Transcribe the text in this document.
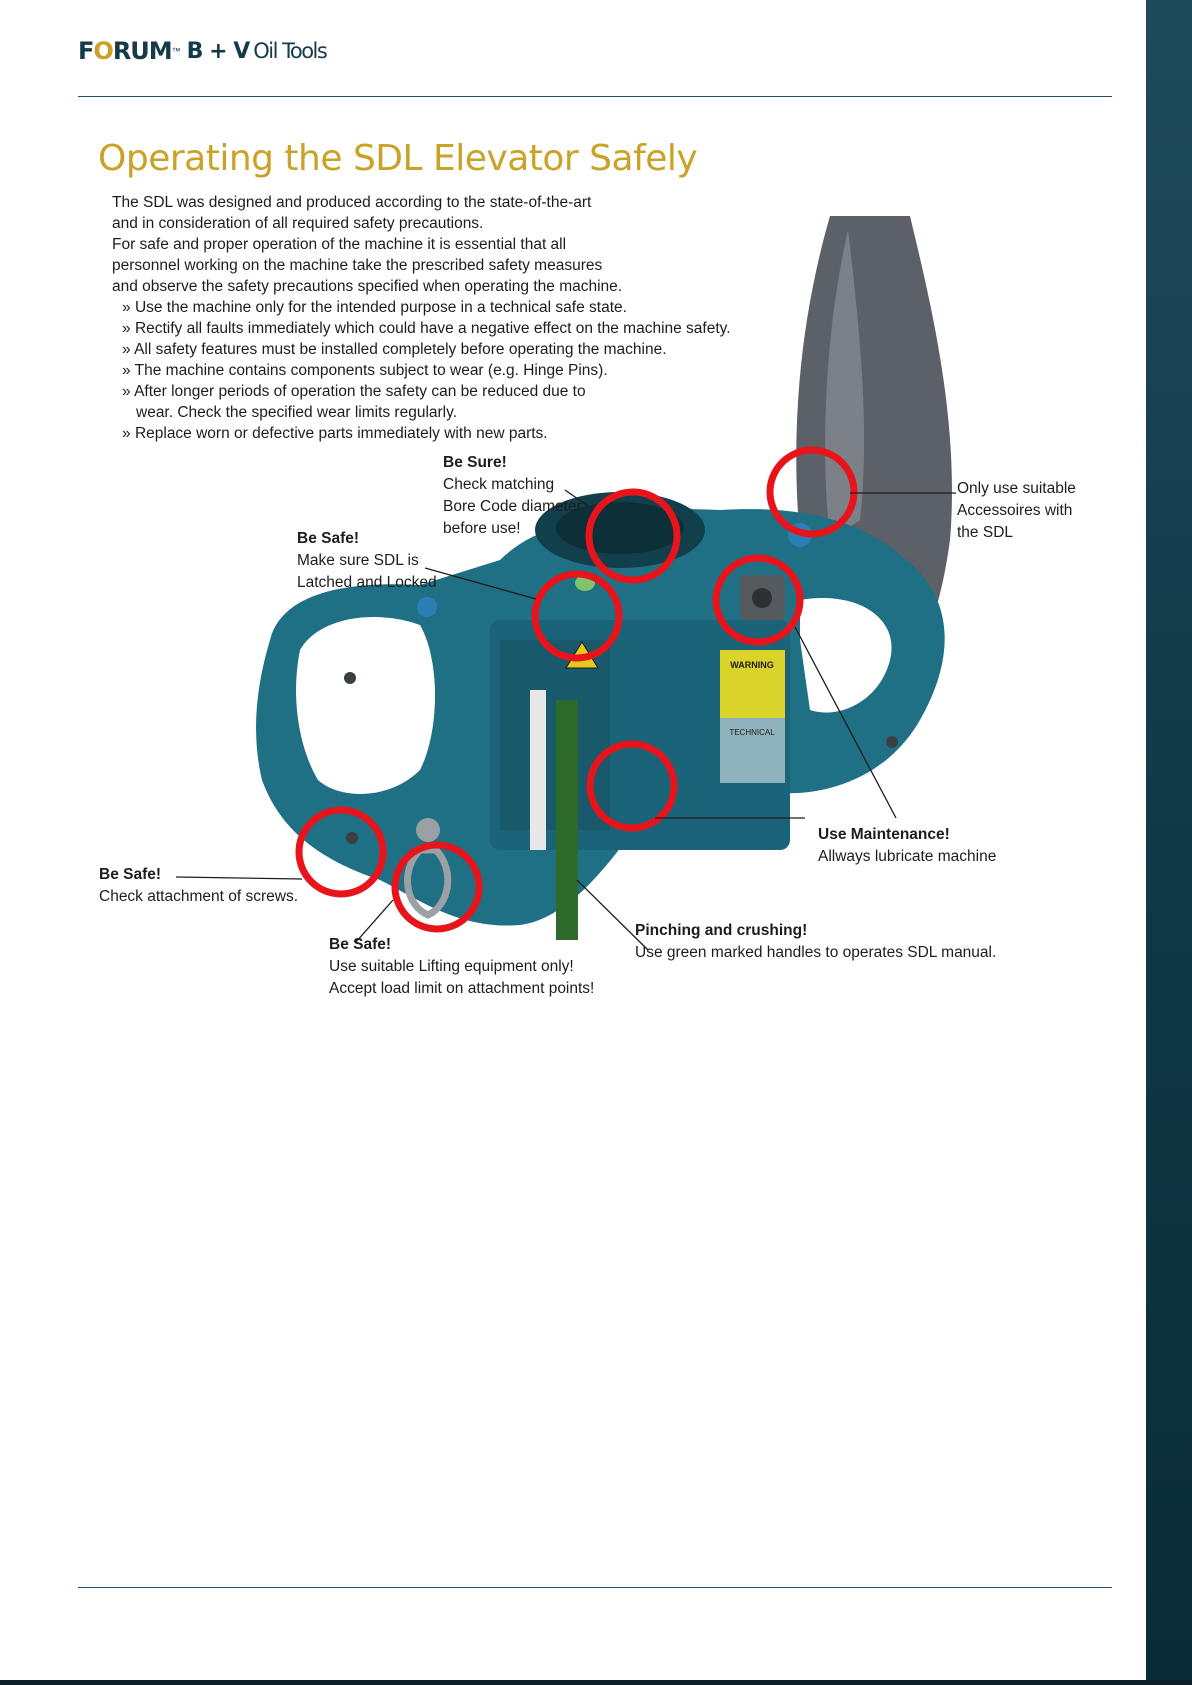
FORUM ™ B + V Oil Tools
Operating the SDL Elevator Safely

The SDL was designed and produced according to the state-of-the-art

and in consideration of all required safety precautions.

For safe and proper operation of the machine it is essential that all

personnel working on the machine take the prescribed safety measures

and observe the safety precautions specified when operating the machine.

» Use the machine only for the intended purpose in a technical safe state.
» Rectify all faults immediately which could have a negative effect on the machine safety.
» All safety features must be installed completely before operating the machine.
» The machine contains components subject to wear (e.g. Hinge Pins).
» After longer periods of operation the safety can be reduced due to wear. Check the specified wear limits regularly.
» Replace worn or defective parts immediately with new parts.
WARNING
TECHNICAL
Be Sure!
Check matching
Bore Code diameter
before use!
Only use suitable
Accessoires with
the SDL
Be Safe!
Make sure SDL is
Latched and Locked
Be Safe!
Check attachment of screws.
Use Maintenance!
Allways lubricate machine
Pinching and crushing!
Use green marked handles to operates SDL manual.
Be Safe!
Use suitable Lifting equipment only!
Accept load limit on attachment points!
